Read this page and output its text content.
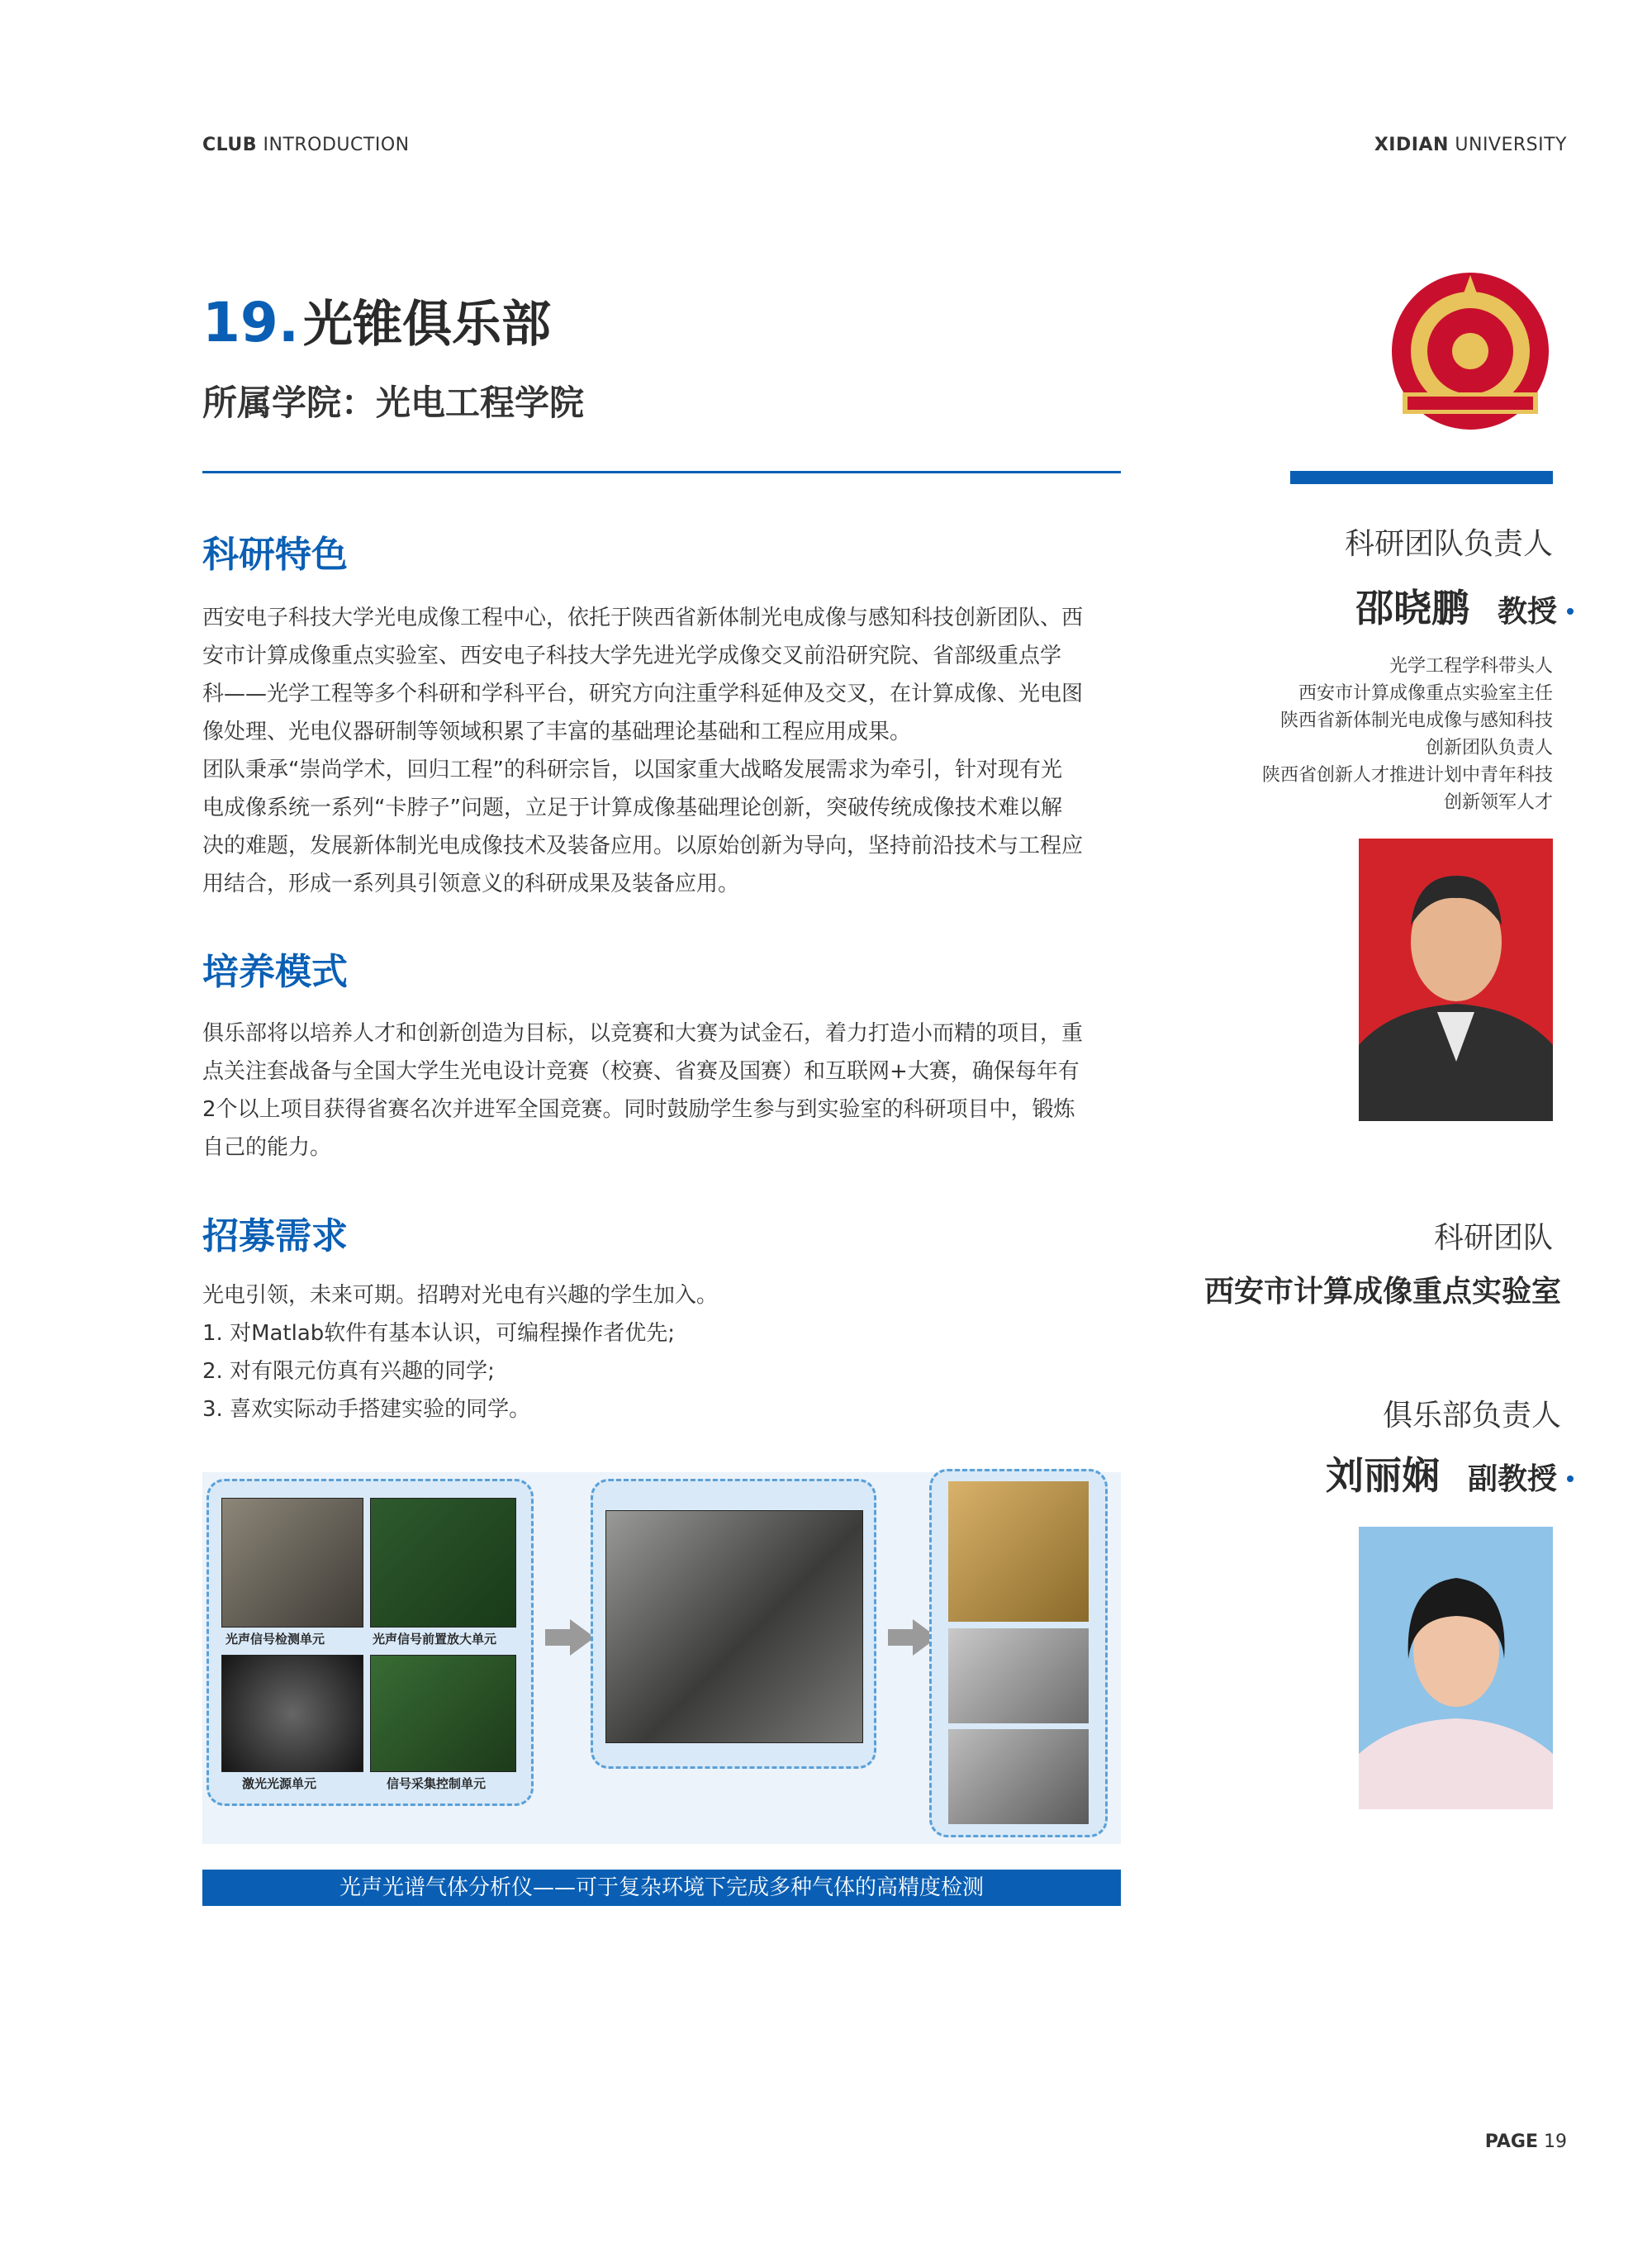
CLUB INTRODUCTION	XIDIAN UNIVERSITY
19. 光锥俱乐部
所属学院：光电工程学院
科研特色

西安电子科技大学光电成像工程中心，依托于陕西省新体制光电成像与感知科技创新团队、西

安市计算成像重点实验室、西安电子科技大学先进光学成像交叉前沿研究院、省部级重点学

科——光学工程等多个科研和学科平台，研究方向注重学科延伸及交叉，在计算成像、光电图

像处理、光电仪器研制等领域积累了丰富的基础理论基础和工程应用成果。

团队秉承“崇尚学术，回归工程”的科研宗旨，以国家重大战略发展需求为牵引，针对现有光

电成像系统一系列“卡脖子”问题，立足于计算成像基础理论创新，突破传统成像技术难以解

决的难题，发展新体制光电成像技术及装备应用。以原始创新为导向，坚持前沿技术与工程应

用结合，形成一系列具引领意义的科研成果及装备应用。

培养模式

俱乐部将以培养人才和创新创造为目标，以竞赛和大赛为试金石，着力打造小而精的项目，重

点关注套战备与全国大学生光电设计竞赛（校赛、省赛及国赛）和互联网+大赛，确保每年有

2个以上项目获得省赛名次并进军全国竞赛。同时鼓励学生参与到实验室的科研项目中，锻炼

自己的能力。

招募需求

光电引领，未来可期。招聘对光电有兴趣的学生加入。

1. 对Matlab软件有基本认识，可编程操作者优先;

2. 对有限元仿真有兴趣的同学;

3. 喜欢实际动手搭建实验的同学。

光声信号检测单元	光声信号前置放大单元
激光光源单元	信号采集控制单元
光声光谱气体分析仪——可于复杂环境下完成多种气体的高精度检测
科研团队负责人
邵晓鹏 教授
光学工程学科带头人
西安市计算成像重点实验室主任
陕西省新体制光电成像与感知科技
创新团队负责人
陕西省创新人才推进计划中青年科技
创新领军人才
科研团队
西安市计算成像重点实验室
俱乐部负责人
刘丽娴 副教授
PAGE 19
